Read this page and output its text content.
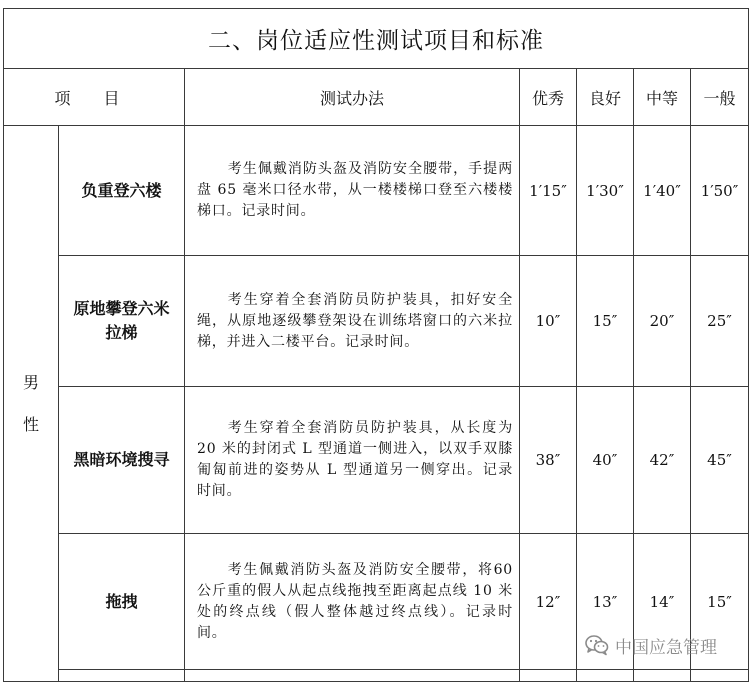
二、岗位适应性测试项目和标准						
项 目		测试办法	优秀	良好	中等	一般
男
性	负重登六楼	考生佩戴消防头盔及消防安全腰带，手提两盘 65 毫米口径水带，从一楼楼梯口登至六楼楼梯口。记录时间。	1′15″	1′30″	1′40″	1′50″
	原地攀登六米拉梯	考生穿着全套消防员防护装具，扣好安全绳，从原地逐级攀登架设在训练塔窗口的六米拉梯，并进入二楼平台。记录时间。	10″	15″	20″	25″
	黑暗环境搜寻	考生穿着全套消防员防护装具，从长度为 20 米的封闭式 L 型通道一侧进入，以双手双膝匍匐前进的姿势从 L 型通道另一侧穿出。记录时间。	38″	40″	42″	45″
	拖拽	考生佩戴消防头盔及消防安全腰带，将60公斤重的假人从起点线拖拽至距离起点线 10 米处的终点线（假人整体越过终点线）。记录时间。	12″	13″	14″	15″

中国应急管理
